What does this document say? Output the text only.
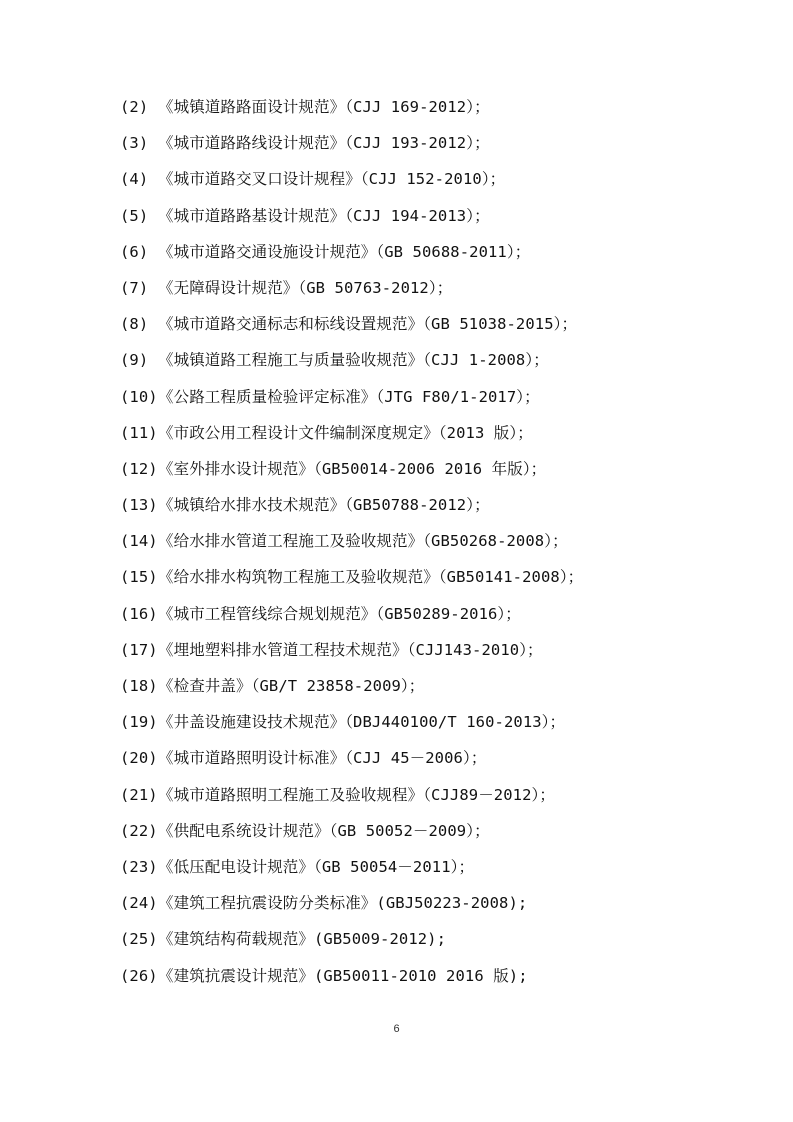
(2) 《城镇道路路面设计规范》（CJJ 169-2012）；
(3) 《城市道路路线设计规范》（CJJ 193-2012）；
(4) 《城市道路交叉口设计规程》（CJJ 152-2010）；
(5) 《城市道路路基设计规范》（CJJ 194-2013）；
(6) 《城市道路交通设施设计规范》（GB 50688-2011）；
(7) 《无障碍设计规范》（GB 50763-2012）；
(8) 《城市道路交通标志和标线设置规范》（GB 51038-2015）；
(9) 《城镇道路工程施工与质量验收规范》（CJJ 1-2008）；
(10)《公路工程质量检验评定标准》（JTG F80/1-2017）；
(11)《市政公用工程设计文件编制深度规定》（2013 版）；
(12)《室外排水设计规范》（GB50014-2006 2016 年版）；
(13)《城镇给水排水技术规范》（GB50788-2012）；
(14)《给水排水管道工程施工及验收规范》（GB50268-2008）；
(15)《给水排水构筑物工程施工及验收规范》（GB50141-2008）；
(16)《城市工程管线综合规划规范》（GB50289-2016）；
(17)《埋地塑料排水管道工程技术规范》（CJJ143-2010）；
(18)《检查井盖》（GB/T 23858-2009）；
(19)《井盖设施建设技术规范》（DBJ440100/T 160-2013）；
(20)《城市道路照明设计标准》（CJJ 45－2006）；
(21)《城市道路照明工程施工及验收规程》（CJJ89－2012）；
(22)《供配电系统设计规范》（GB 50052－2009）；
(23)《低压配电设计规范》（GB 50054－2011）；
(24)《建筑工程抗震设防分类标准》(GBJ50223-2008);
(25)《建筑结构荷载规范》(GB5009-2012);
(26)《建筑抗震设计规范》(GB50011-2010 2016 版);
6
